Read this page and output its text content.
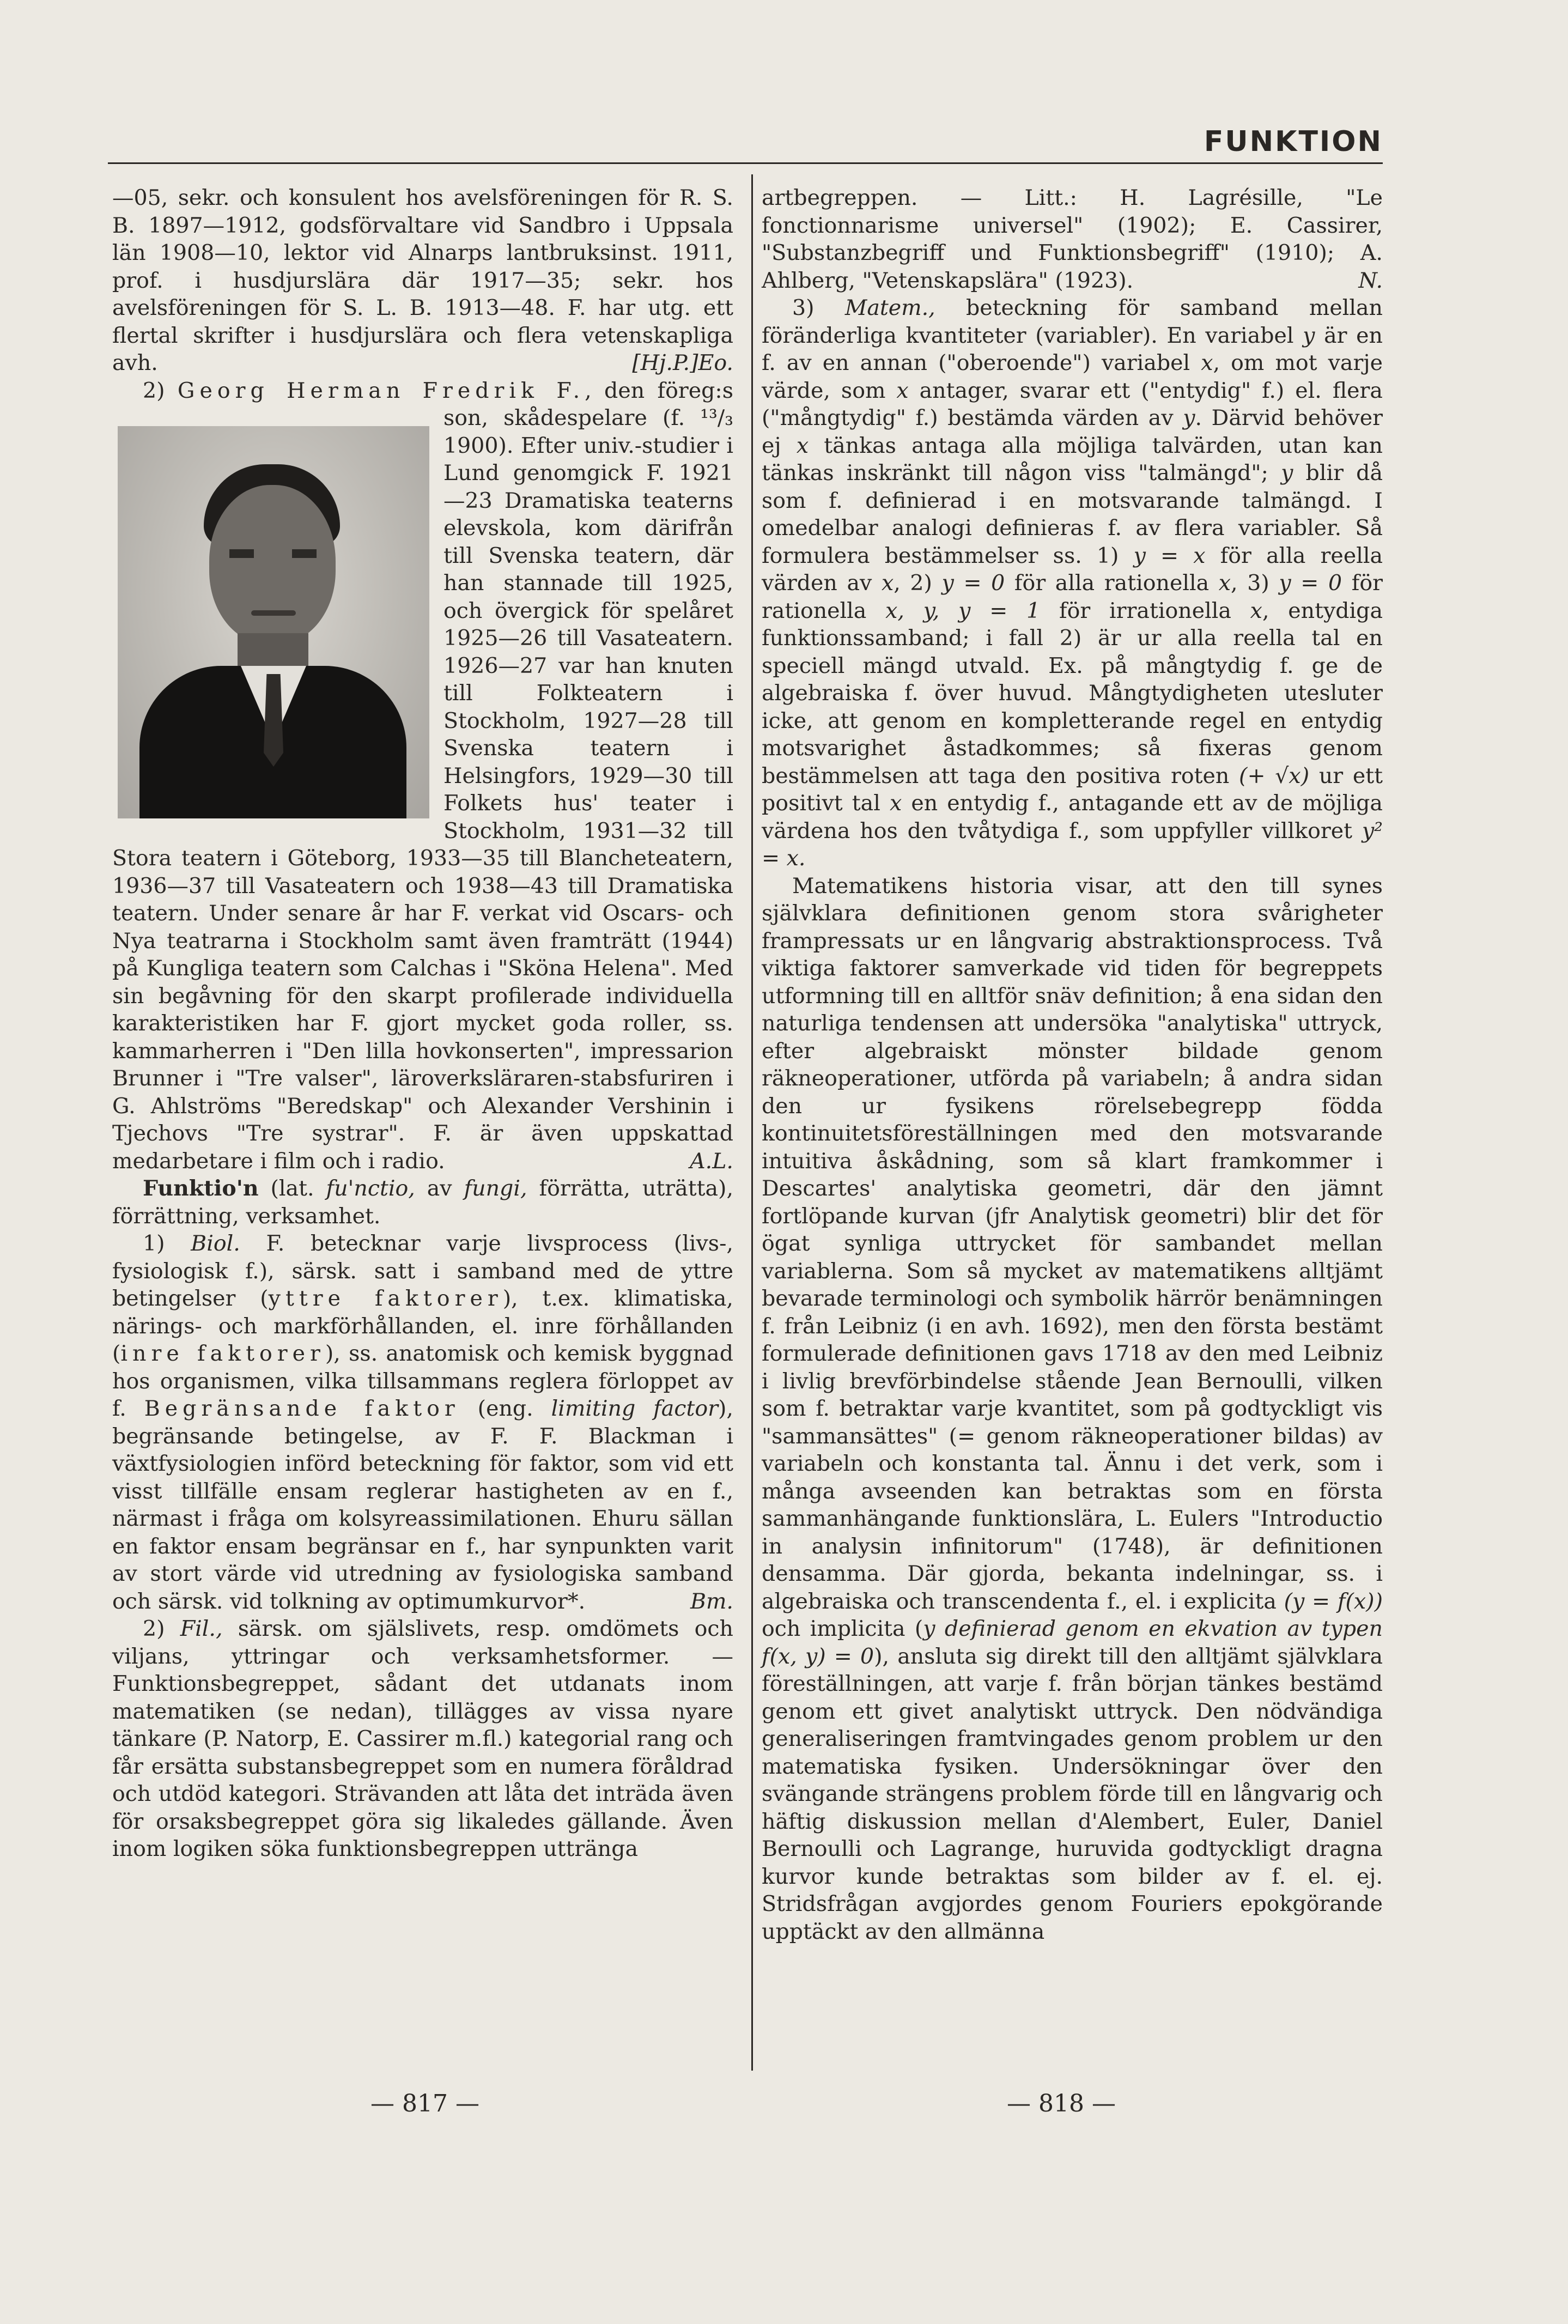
FUNKTION

—05, sekr. och konsulent hos avelsföreningen för R. S. B. 1897—1912, godsförvaltare vid Sandbro i Uppsala län 1908—10, lektor vid Alnarps lantbruksinst. 1911, prof. i husdjurslära där 1917—35; sekr. hos avelsföreningen för S. L. B. 1913—48. F. har utg. ett flertal skrifter i husdjurslära och flera vetenskapliga avh.	[Hj.P.]Eo.

2) Georg Herman Fredrik F.
, den föreg:s son, skådespelare (f. ¹³/₃ 1900). Efter univ.-studier i Lund genomgick F. 1921—23 Dramatiska teaterns elevskola, kom därifrån till Svenska teatern, där han stannade till 1925, och övergick för spelåret 1925—26 till Vasateatern. 1926—27 var han knuten till Folkteatern i Stockholm, 1927—28 till Svenska teatern i Helsingfors, 1929—30 till Folkets hus' teater i Stockholm, 1931—32 till Stora teatern i Göteborg, 1933—35 till Blancheteatern, 1936—37 till Vasateatern och 1938—43 till Dramatiska teatern. Under senare år har F. verkat vid Oscars- och Nya teatrarna i Stockholm samt även framträtt (1944) på Kungliga teatern som Calchas i "Sköna Helena". Med sin begåvning för den skarpt profilerade individuella karakteristiken har F. gjort mycket goda roller, ss. kammarherren i "Den lilla hovkonserten", impressarion Brunner i "Tre valser", läroverksläraren-stabsfuriren i G. Ahlströms "Beredskap" och Alexander Vershinin i Tjechovs "Tre systrar". F. är även uppskattad medarbetare i film och i radio.	A.L.

Funktio'n (lat. fu'nctio, av fungi, förrätta, uträtta), förrättning, verksamhet.

1) Biol. F. betecknar varje livsprocess (livs-, fysiologisk f.), särsk. satt i samband med de yttre betingelser (yttre faktorer), t.ex. klimatiska, närings- och markförhållanden, el. inre förhållanden (inre faktorer), ss. anatomisk och kemisk byggnad hos organismen, vilka tillsammans reglera förloppet av f. Begränsande faktor (eng. limiting factor), begränsande betingelse, av F. F. Blackman i växtfysiologien införd beteckning för faktor, som vid ett visst tillfälle ensam reglerar hastigheten av en f., närmast i fråga om kolsyreassimilationen. Ehuru sällan en faktor ensam begränsar en f., har synpunkten varit av stort värde vid utredning av fysiologiska samband och särsk. vid tolkning av optimumkurvor*.	Bm.

2) Fil., särsk. om själslivets, resp. omdömets och viljans, yttringar och verksamhetsformer. — Funktionsbegreppet, sådant det utdanats inom matematiken (se nedan), tillägges av vissa nyare tänkare (P. Natorp, E. Cassirer m.fl.) kategorial rang och får ersätta substansbegreppet som en numera föråldrad och utdöd kategori. Strävanden att låta det inträda även för orsaksbegreppet göra sig likaledes gällande. Även inom logiken söka funktionsbegreppen uttränga

artbegreppen. — Litt.: H. Lagrésille, "Le fonctionnarisme universel" (1902); E. Cassirer, "Substanzbegriff und Funktionsbegriff" (1910); A. Ahlberg, "Vetenskapslära" (1923).	N.

3) Matem., beteckning för samband mellan föränderliga kvantiteter (variabler). En variabel y är en f. av en annan ("oberoende") variabel x, om mot varje värde, som x antager, svarar ett ("entydig" f.) el. flera ("mångtydig" f.) bestämda värden av y. Därvid behöver ej x tänkas antaga alla möjliga talvärden, utan kan tänkas inskränkt till någon viss "talmängd"; y blir då som f. definierad i en motsvarande talmängd. I omedelbar analogi definieras f. av flera variabler. Så formulera bestämmelser ss. 1) y = x för alla reella värden av x, 2) y = 0 för alla rationella x, 3) y = 0 för rationella x, y, y = 1 för irrationella x, entydiga funktionssamband; i fall 2) är ur alla reella tal en speciell mängd utvald. Ex. på mångtydig f. ge de algebraiska f. över huvud. Mångtydigheten utesluter icke, att genom en kompletterande regel en entydig motsvarighet åstadkommes; så fixeras genom bestämmelsen att taga den positiva roten (+ √x) ur ett positivt tal x en entydig f., antagande ett av de möjliga värdena hos den tvåtydiga f., som uppfyller villkoret y² = x.

Matematikens historia visar, att den till synes självklara definitionen genom stora svårigheter frampressats ur en långvarig abstraktionsprocess. Två viktiga faktorer samverkade vid tiden för begreppets utformning till en alltför snäv definition; å ena sidan den naturliga tendensen att undersöka "analytiska" uttryck, efter algebraiskt mönster bildade genom räkneoperationer, utförda på variabeln; å andra sidan den ur fysikens rörelsebegrepp födda kontinuitetsföreställningen med den motsvarande intuitiva åskådning, som så klart framkommer i Descartes' analytiska geometri, där den jämnt fortlöpande kurvan (jfr Analytisk geometri) blir det för ögat synliga uttrycket för sambandet mellan variablerna. Som så mycket av matematikens alltjämt bevarade terminologi och symbolik härrör benämningen f. från Leibniz (i en avh. 1692), men den första bestämt formulerade definitionen gavs 1718 av den med Leibniz i livlig brevförbindelse stående Jean Bernoulli, vilken som f. betraktar varje kvantitet, som på godtyckligt vis "sammansättes" (= genom räkneoperationer bildas) av variabeln och konstanta tal. Ännu i det verk, som i många avseenden kan betraktas som en första sammanhängande funktionslära, L. Eulers "Introductio in analysin infinitorum" (1748), är definitionen densamma. Där gjorda, bekanta indelningar, ss. i algebraiska och transcendenta f., el. i explicita (y = f(x)) och implicita (y definierad genom en ekvation av typen f(x, y) = 0), ansluta sig direkt till den alltjämt självklara föreställningen, att varje f. från början tänkes bestämd genom ett givet analytiskt uttryck. Den nödvändiga generaliseringen framtvingades genom problem ur den matematiska fysiken. Undersökningar över den svängande strängens problem förde till en långvarig och häftig diskussion mellan d'Alembert, Euler, Daniel Bernoulli och Lagrange, huruvida godtyckligt dragna kurvor kunde betraktas som bilder av f. el. ej. Stridsfrågan avgjordes genom Fouriers epokgörande upptäckt av den allmänna

— 817 —	— 818 —
